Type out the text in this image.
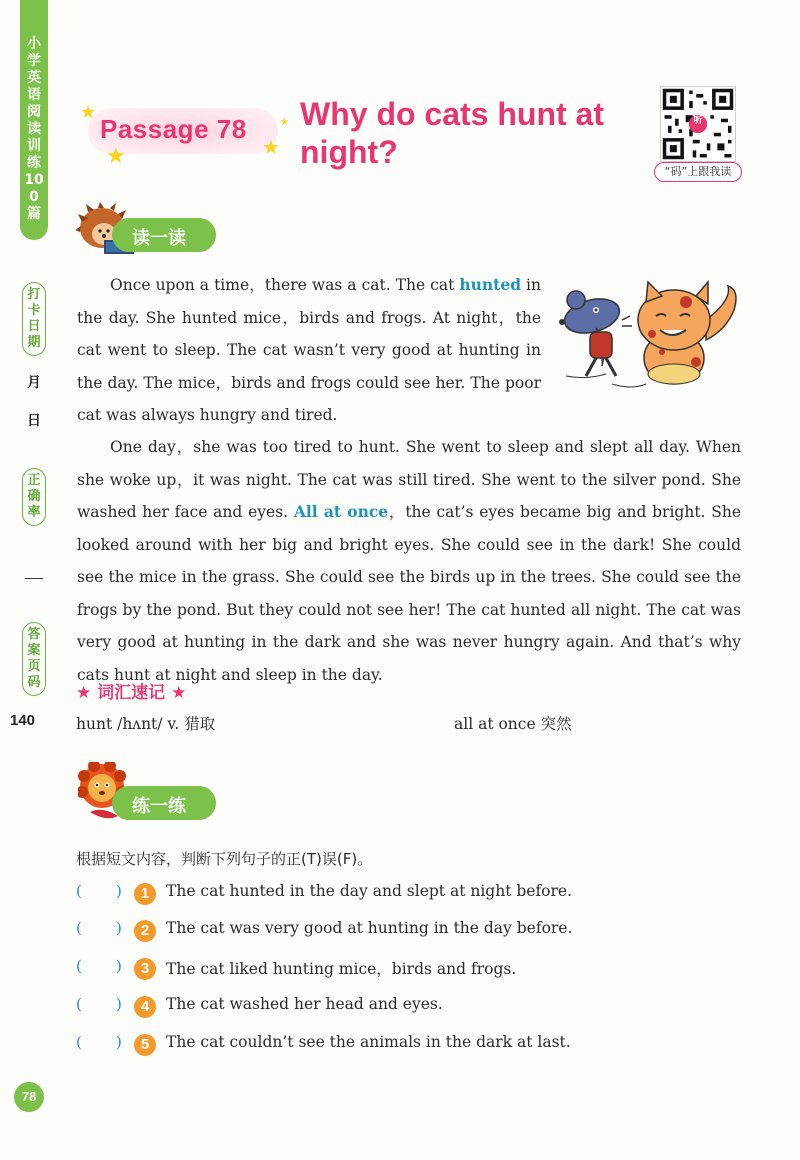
小学英语阅读训练100篇
打卡日期
月
日
正确率
答案页码
140
★
★	★
★
Passage 78 Why do cats hunt at night?
听
“码”上跟我读
读一读
Once upon a time，there was a cat. The cat hunted in the day. She hunted mice，birds and frogs. At night，the cat went to sleep. The cat wasn’t very good at hunting in the day. The mice，birds and frogs could see her. The poor cat was always hungry and tired.
One day，she was too tired to hunt. She went to sleep and slept all day. When she woke up，it was night. The cat was still tired. She went to the silver pond. She washed her face and eyes. All at once，the cat’s eyes became big and bright. She looked around with her big and bright eyes. She could see in the dark! She could see the mice in the grass. She could see the birds up in the trees. She could see the frogs by the pond. But they could not see her! The cat hunted all night. The cat was very good at hunting in the dark and she was never hungry again. And that’s why cats hunt at night and sleep in the day.
★ 词汇速记 ★
hunt /hʌnt/ v. 猎取	all at once 突然
练一练
根据短文内容，判断下列句子的正(T)误(F)。
( )	1	The cat hunted in the day and slept at night before.
( )	2	The cat was very good at hunting in the day before.
( )	3	The cat liked hunting mice，birds and frogs.
( )	4	The cat washed her head and eyes.
( )	5	The cat couldn’t see the animals in the dark at last.
78
